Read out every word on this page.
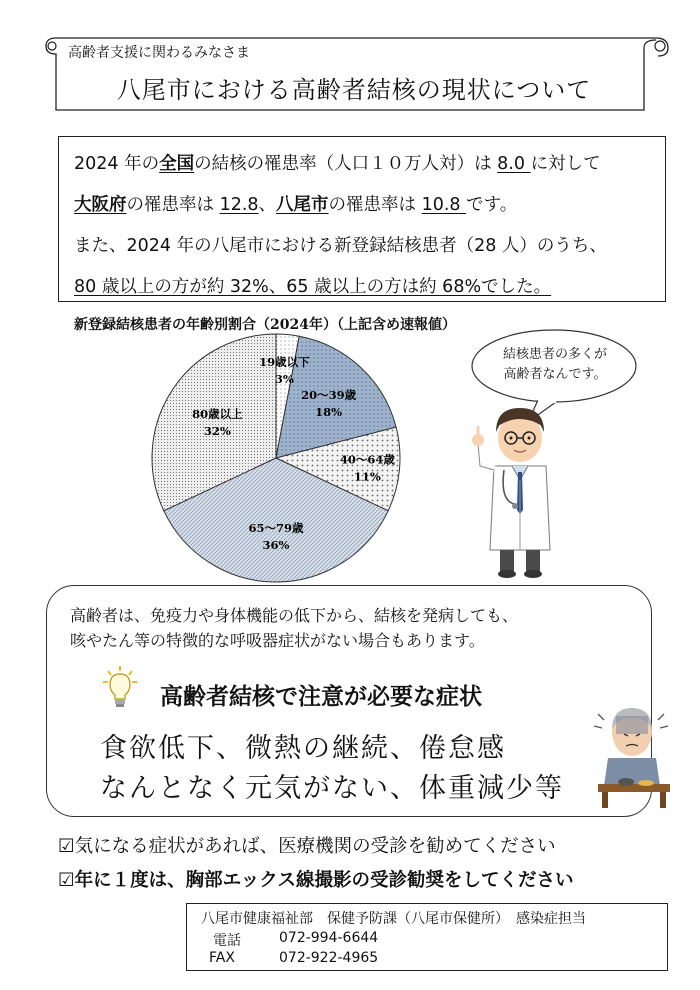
高齢者支援に関わるみなさま
八尾市における高齢者結核の現状について
2024 年の全国の結核の罹患率（人口１０万人対）は 8.0 に対して
大阪府の罹患率は 12.8、八尾市の罹患率は 10.8 です。
また、2024 年の八尾市における新登録結核患者（28 人）のうち、
80 歳以上の方が約 32%、65 歳以上の方は約 68%でした。
新登録結核患者の年齢別割合（2024年）（上記含め速報値）
19歳以下
3%
20～39歳
18%
40～64歳
11%
65～79歳
36%
80歳以上
32%
結核患者の多くが
高齢者なんです。
高齢者は、免疫力や身体機能の低下から、結核を発病しても、
咳やたん等の特徴的な呼吸器症状がない場合もあります。
高齢者結核で注意が必要な症状
食欲低下、微熱の継続、倦怠感
なんとなく元気がない、体重減少等
☑気になる症状があれば、医療機関の受診を勧めてください
☑年に１度は、胸部エックス線撮影の受診勧奨をしてください
八尾市健康福祉部　保健予防課（八尾市保健所）　感染症担当
電話	072-994-6644
FAX	072-922-4965
